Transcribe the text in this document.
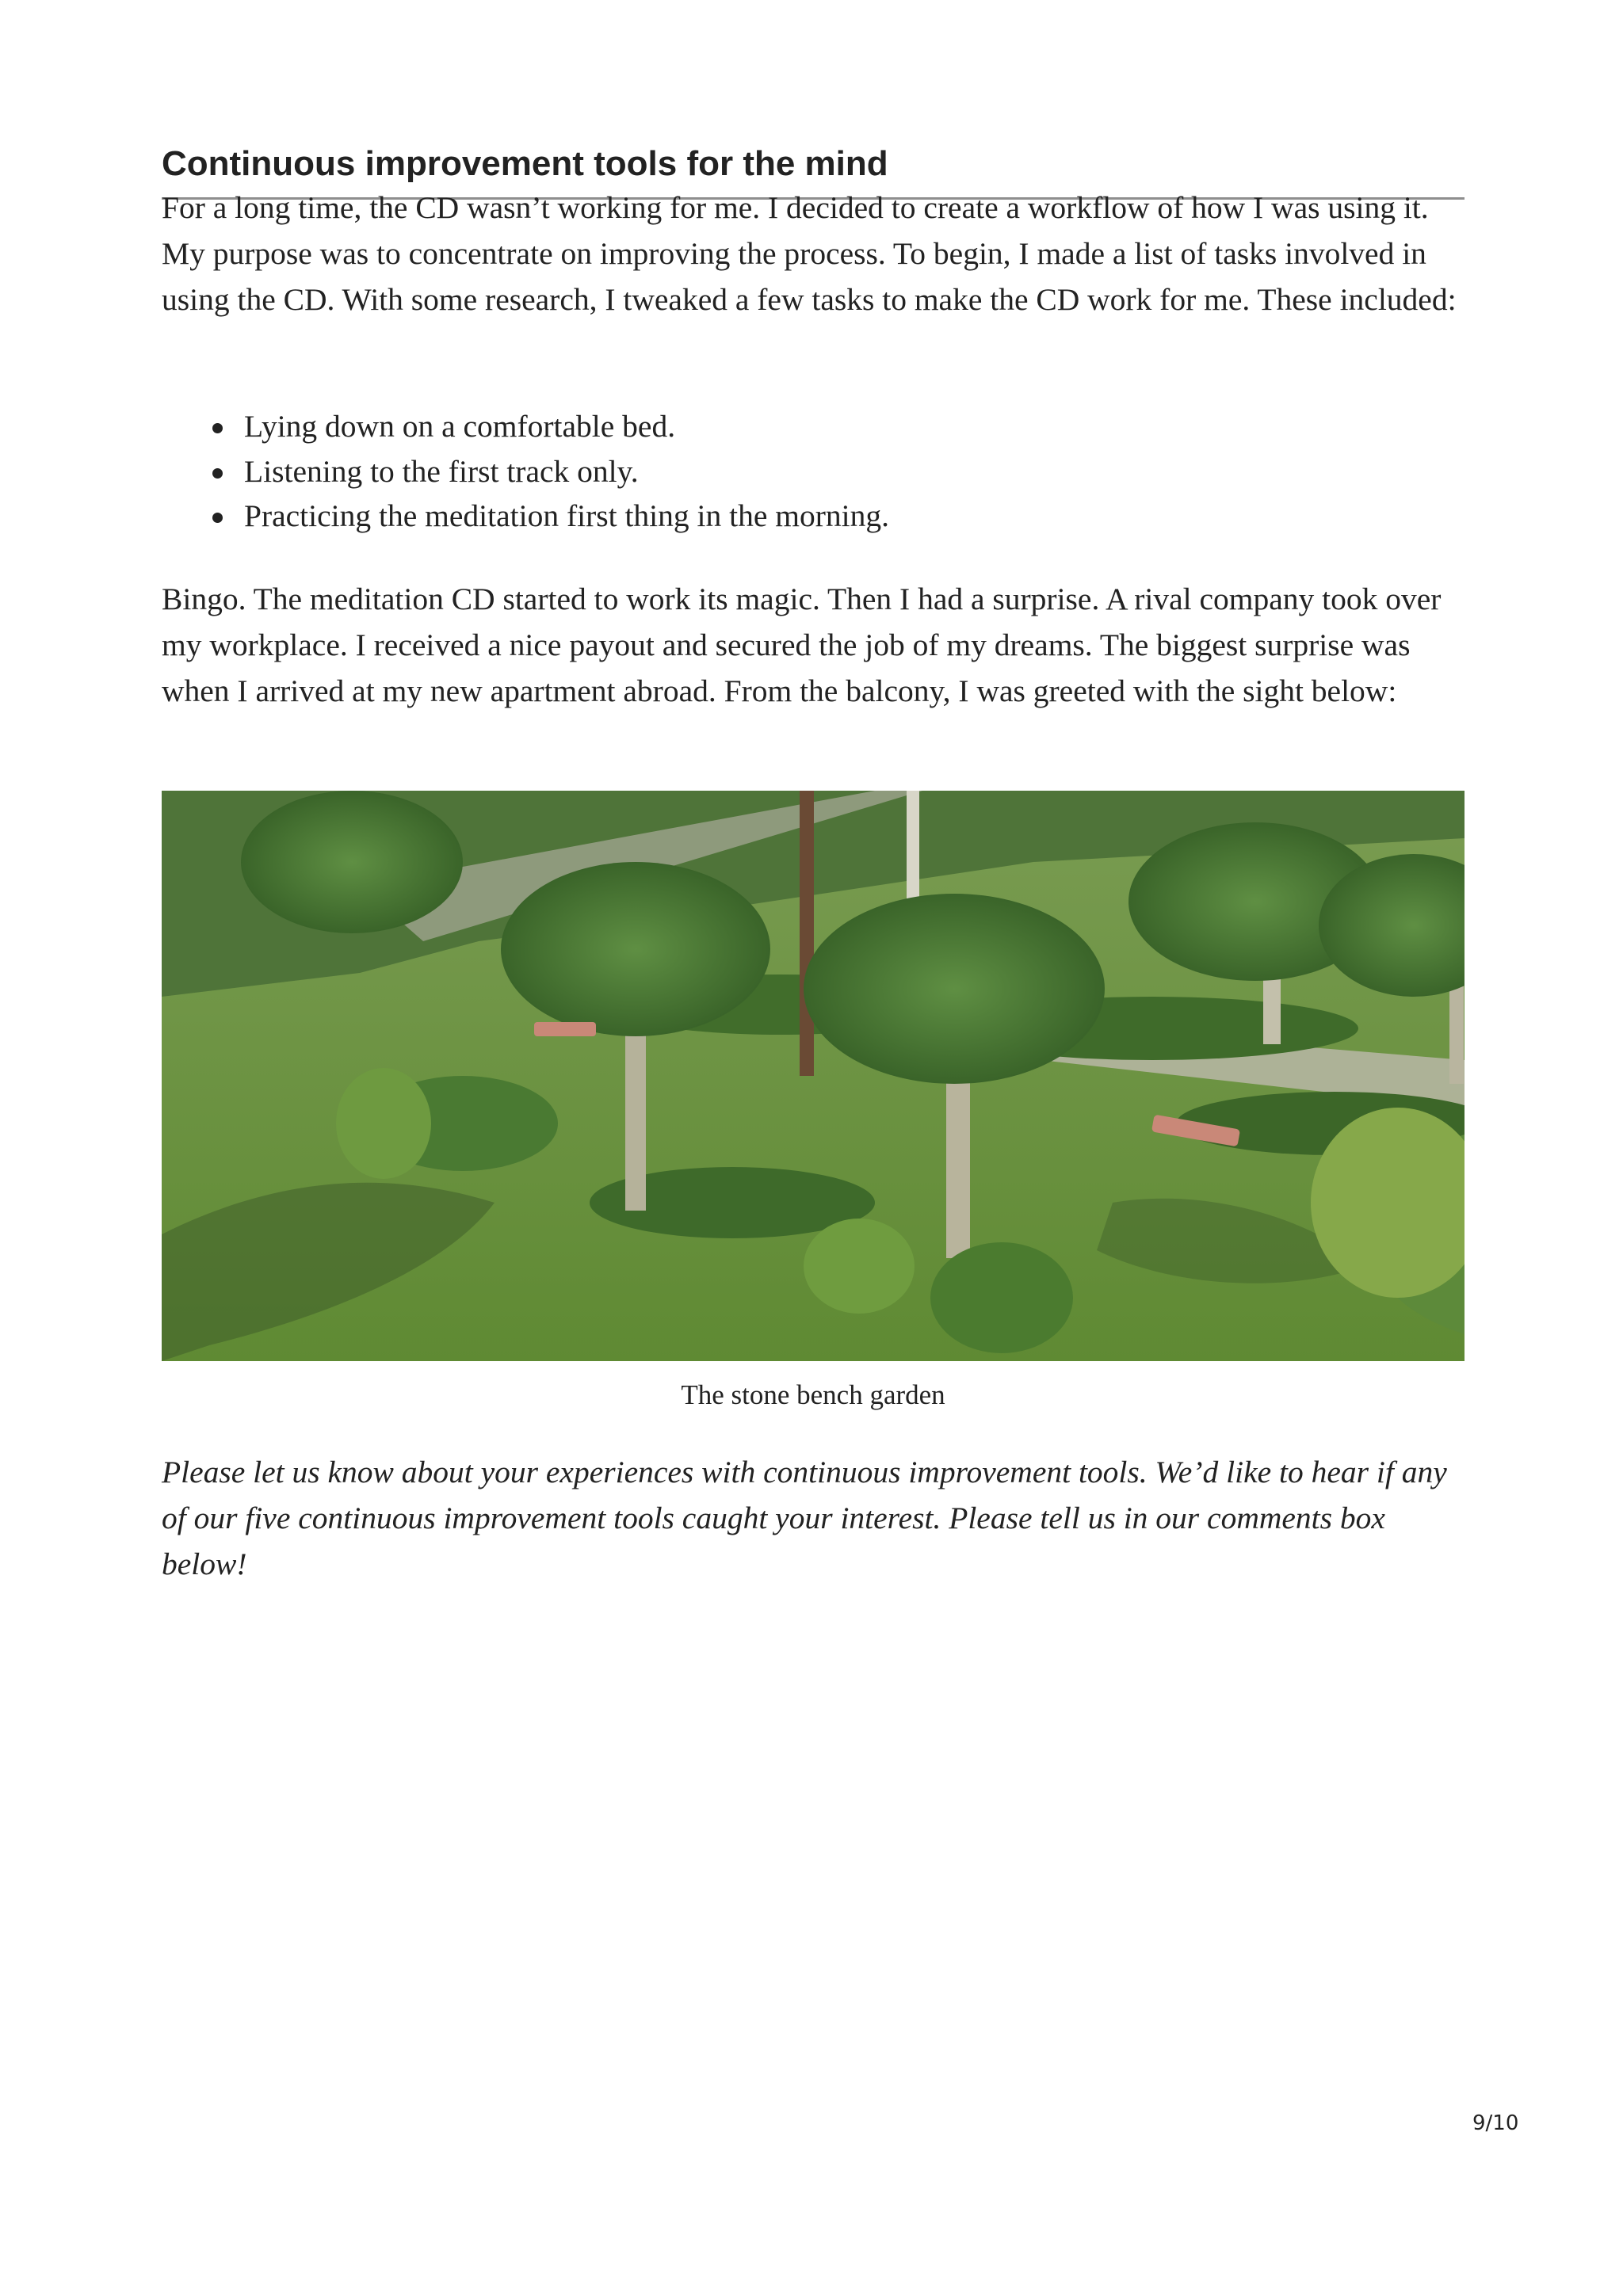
Continuous improvement tools for the mind

For a long time, the CD wasn’t working for me. I decided to create a workflow of how I was using it. My purpose was to concentrate on improving the process. To begin, I made a list of tasks involved in using the CD. With some research, I tweaked a few tasks to make the CD work for me. These included:

Lying down on a comfortable bed.
Listening to the first track only.
Practicing the meditation first thing in the morning.

Bingo. The meditation CD started to work its magic. Then I had a surprise. A rival company took over my workplace. I received a nice payout and secured the job of my dreams. The biggest surprise was when I arrived at my new apartment abroad. From the balcony, I was greeted with the sight below:

The stone bench garden

Please let us know about your experiences with continuous improvement tools. We’d like to hear if any of our five continuous improvement tools caught your interest. Please tell us in our comments box below!

9/10
